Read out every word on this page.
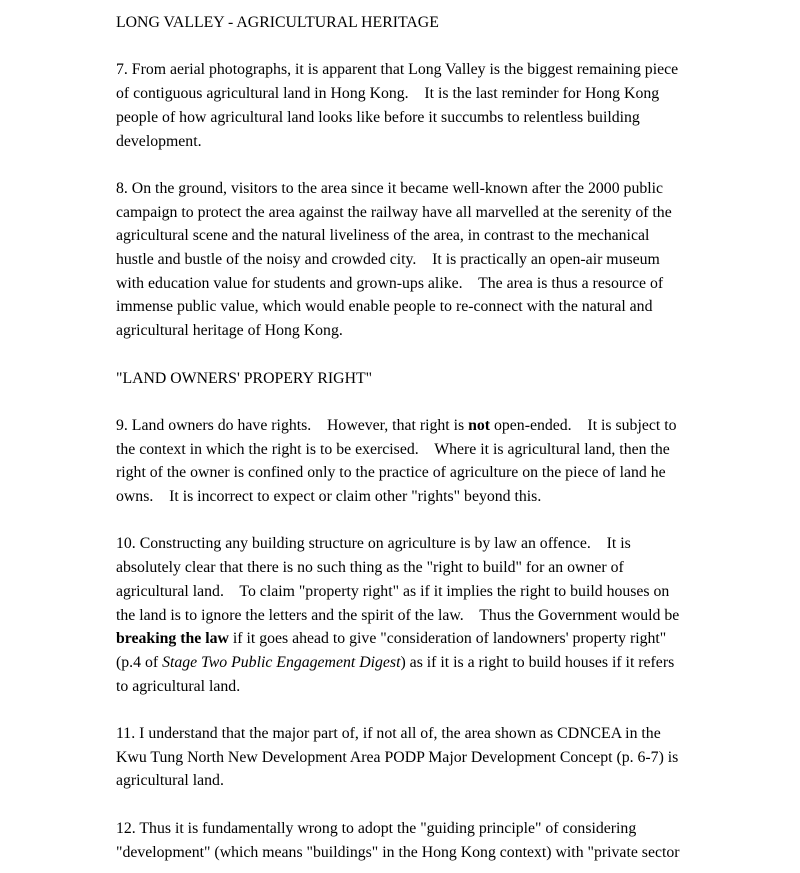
LONG VALLEY - AGRICULTURAL HERITAGE

7. From aerial photographs, it is apparent that Long Valley is the biggest remaining piece of contiguous agricultural land in Hong Kong.    It is the last reminder for Hong Kong people of how agricultural land looks like before it succumbs to relentless building development.

8. On the ground, visitors to the area since it became well-known after the 2000 public campaign to protect the area against the railway have all marvelled at the serenity of the agricultural scene and the natural liveliness of the area, in contrast to the mechanical hustle and bustle of the noisy and crowded city.    It is practically an open-air museum with education value for students and grown-ups alike.    The area is thus a resource of immense public value, which would enable people to re-connect with the natural and agricultural heritage of Hong Kong.

"LAND OWNERS' PROPERY RIGHT"

9. Land owners do have rights.    However, that right is not open-ended.    It is subject to the context in which the right is to be exercised.    Where it is agricultural land, then the right of the owner is confined only to the practice of agriculture on the piece of land he owns.    It is incorrect to expect or claim other "rights" beyond this.

10. Constructing any building structure on agriculture is by law an offence.    It is absolutely clear that there is no such thing as the "right to build" for an owner of agricultural land.    To claim "property right" as if it implies the right to build houses on the land is to ignore the letters and the spirit of the law.    Thus the Government would be breaking the law if it goes ahead to give "consideration of landowners' property right" (p.4 of Stage Two Public Engagement Digest) as if it is a right to build houses if it refers to agricultural land.

11. I understand that the major part of, if not all of, the area shown as CDNCEA in the Kwu Tung North New Development Area PODP Major Development Concept (p. 6-7) is agricultural land.

12. Thus it is fundamentally wrong to adopt the "guiding principle" of considering "development" (which means "buildings" in the Hong Kong context) with "private sector
